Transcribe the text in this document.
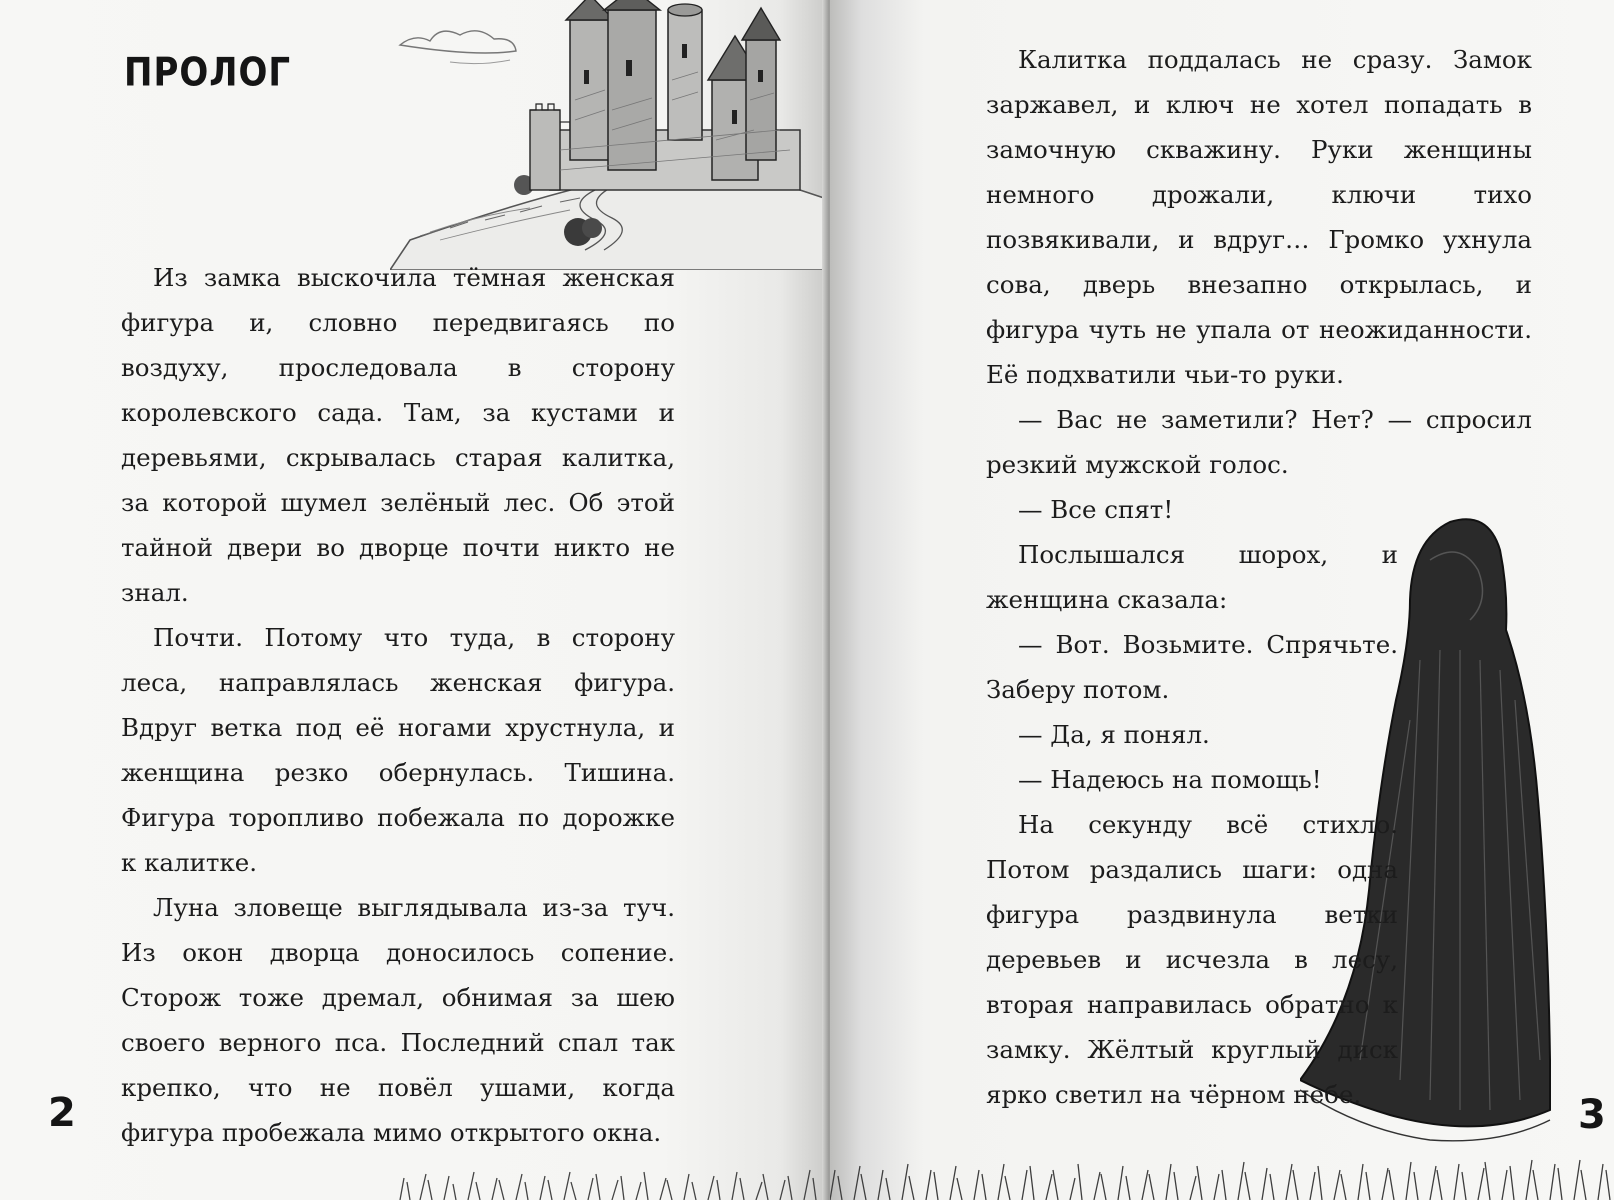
ПРОЛОГ

Из замка выскочила тёмная женская фигура и, словно передвигаясь по воздуху, проследовала в сторону королевского сада. Там, за кустами и деревьями, скрывалась старая калитка, за которой шумел зелёный лес. Об этой тайной двери во дворце почти никто не знал.

Почти. Потому что туда, в сторону леса, направлялась женская фигура. Вдруг ветка под её ногами хрустнула, и женщина резко обернулась. Тишина. Фигура торопливо побежала по дорожке к калитке.

Луна зловеще выглядывала из-за туч. Из окон дворца доносилось сопение. Сторож тоже дремал, обнимая за шею своего верного пса. Последний спал так крепко, что не повёл ушами, когда фигура пробежала мимо открытого окна.

2

Калитка поддалась не сразу. Замок заржавел, и ключ не хотел попадать в замочную скважину. Руки женщины немного дрожали, ключи тихо позвякивали, и вдруг… Громко ухнула сова, дверь внезапно открылась, и фигура чуть не упала от неожиданности. Её подхватили чьи-то руки.

— Вас не заметили? Нет? — спросил резкий мужской голос.

— Все спят!

Послышался шорох, и женщина сказала:

— Вот. Возьмите. Спрячьте. Заберу потом.

— Да, я понял.

— Надеюсь на помощь!

На секунду всё стихло. Потом раздались шаги: одна фигура раздвинула ветки деревьев и исчезла в лесу, вторая направилась обратно к замку. Жёлтый круглый диск ярко светил на чёрном небе.	3
